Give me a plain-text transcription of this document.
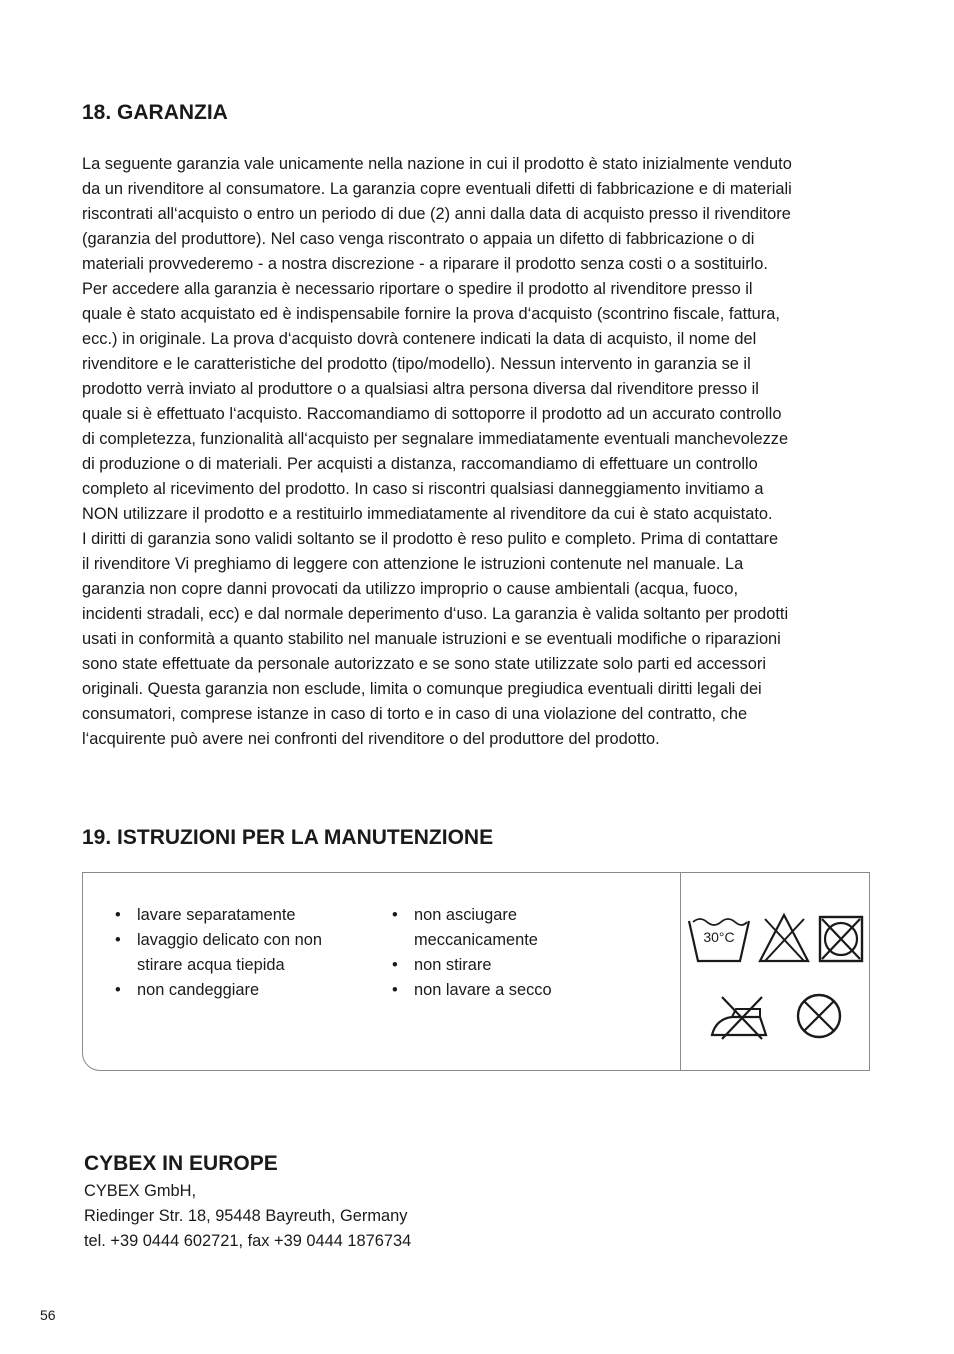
18. GARANZIA
La seguente garanzia vale unicamente nella nazione in cui il prodotto è stato inizialmente venduto
da un rivenditore al consumatore. La garanzia copre eventuali difetti di fabbricazione e di materiali
riscontrati all‘acquisto o entro un periodo di due (2) anni dalla data di acquisto presso il rivenditore
(garanzia del produttore). Nel caso venga riscontrato o appaia un difetto di fabbricazione o di
materiali provvederemo - a nostra discrezione - a riparare il prodotto senza costi o a sostituirlo.
Per accedere alla garanzia è necessario riportare o spedire il prodotto al rivenditore presso il
quale è stato acquistato ed è indispensabile fornire la prova d‘acquisto (scontrino fiscale, fattura,
ecc.) in originale. La prova d‘acquisto dovrà contenere indicati la data di acquisto, il nome del
rivenditore e le caratteristiche del prodotto (tipo/modello). Nessun intervento in garanzia se il
prodotto verrà inviato al produttore o a qualsiasi altra persona diversa dal rivenditore presso il
quale si è effettuato l‘acquisto. Raccomandiamo di sottoporre il prodotto ad un accurato controllo
di completezza, funzionalità all‘acquisto per segnalare immediatamente eventuali manchevolezze
di produzione o di materiali. Per acquisti a distanza, raccomandiamo di effettuare un controllo
completo al ricevimento del prodotto. In caso si riscontri qualsiasi danneggiamento invitiamo a
NON utilizzare il prodotto e a restituirlo immediatamente al rivenditore da cui è stato acquistato.
I diritti di garanzia sono validi soltanto se il prodotto è reso pulito e completo. Prima di contattare
il rivenditore Vi preghiamo di leggere con attenzione le istruzioni contenute nel manuale. La
garanzia non copre danni provocati da utilizzo improprio o cause ambientali (acqua, fuoco,
incidenti stradali, ecc) e dal normale deperimento d‘uso. La garanzia è valida soltanto per prodotti
usati in conformità a quanto stabilito nel manuale istruzioni e se eventuali modifiche o riparazioni
sono state effettuate da personale autorizzato e se sono state utilizzate solo parti ed accessori
originali. Questa garanzia non esclude, limita o comunque pregiudica eventuali diritti legali dei
consumatori, comprese istanze in caso di torto e in caso di una violazione del contratto, che
l‘acquirente può avere nei confronti del rivenditore o del produttore del prodotto.
19. ISTRUZIONI PER LA MANUTENZIONE
• lavare separatamente
• lavaggio delicato con non stirare acqua tiepida
• non candeggiare
• non asciugare meccanicamente
• non stirare
• non lavare a secco
30°C
CYBEX IN EUROPE
CYBEX GmbH,
Riedinger Str. 18, 95448 Bayreuth, Germany
tel. +39 0444 602721, fax +39 0444 1876734
56
